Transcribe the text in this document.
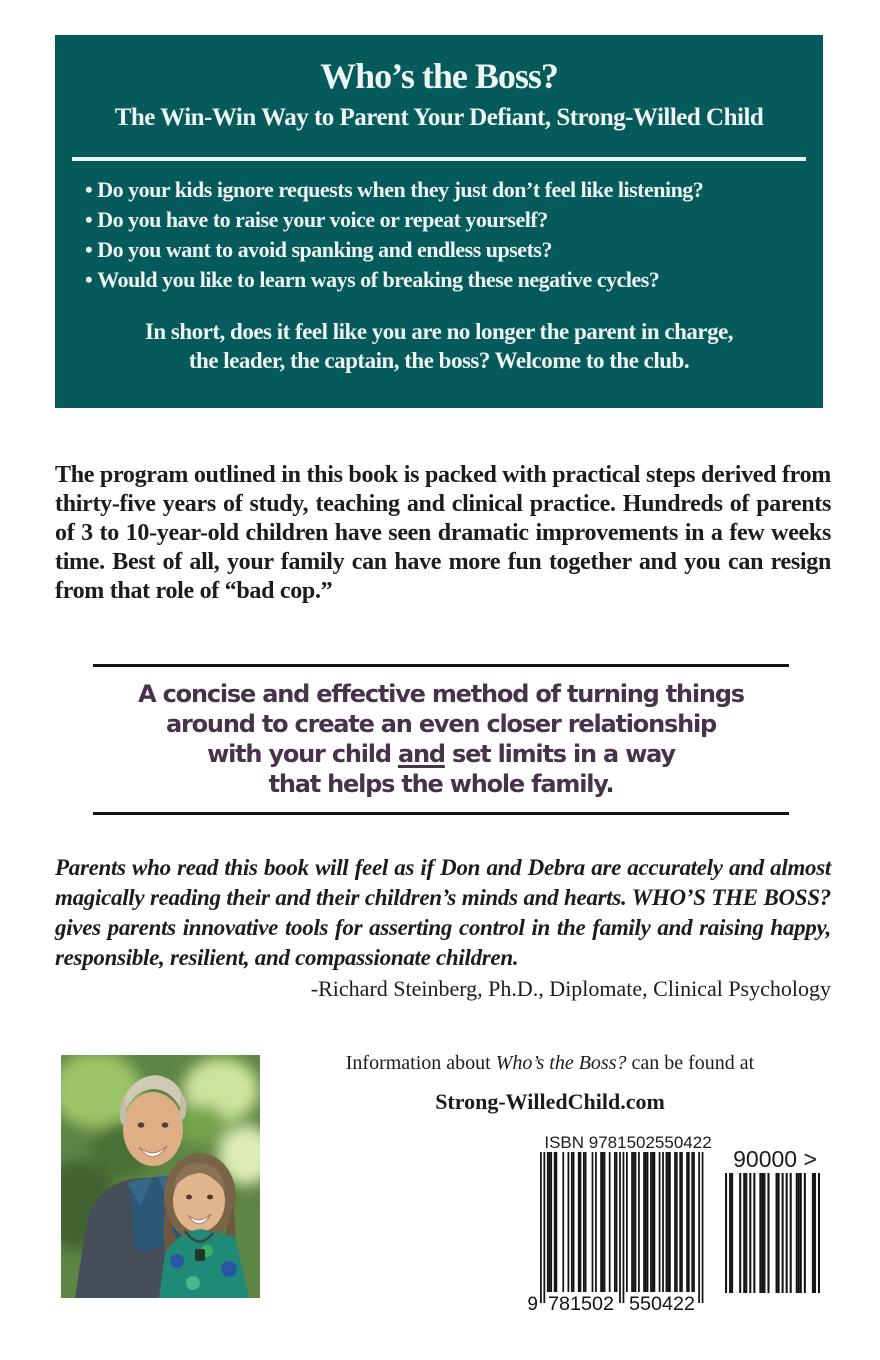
Who’s the Boss?
The Win-Win Way to Parent Your Defiant, Strong-Willed Child
• Do your kids ignore requests when they just don’t feel like listening?
• Do you have to raise your voice or repeat yourself?
• Do you want to avoid spanking and endless upsets?
• Would you like to learn ways of breaking these negative cycles?
In short, does it feel like you are no longer the parent in charge,
the leader, the captain, the boss? Welcome to the club.
The program outlined in this book is packed with practical steps derived from thirty-five years of study, teaching and clinical practice. Hundreds of parents of 3 to 10-year-old children have seen dramatic improvements in a few weeks time. Best of all, your family can have more fun together and you can resign from that role of “bad cop.”
A concise and effective method of turning things
around to create an even closer relationship
with your child and set limits in a way
that helps the whole family.
Parents who read this book will feel as if Don and Debra are accurately and almost magically reading their and their children’s minds and hearts. WHO’S THE BOSS? gives parents innovative tools for asserting control in the family and raising happy, responsible, resilient, and compassionate children.
-Richard Steinberg, Ph.D., Diplomate, Clinical Psychology
Information about Who’s the Boss? can be found at
Strong-WilledChild.com
ISBN 9781502550422
9 781502 550422
90000 >
